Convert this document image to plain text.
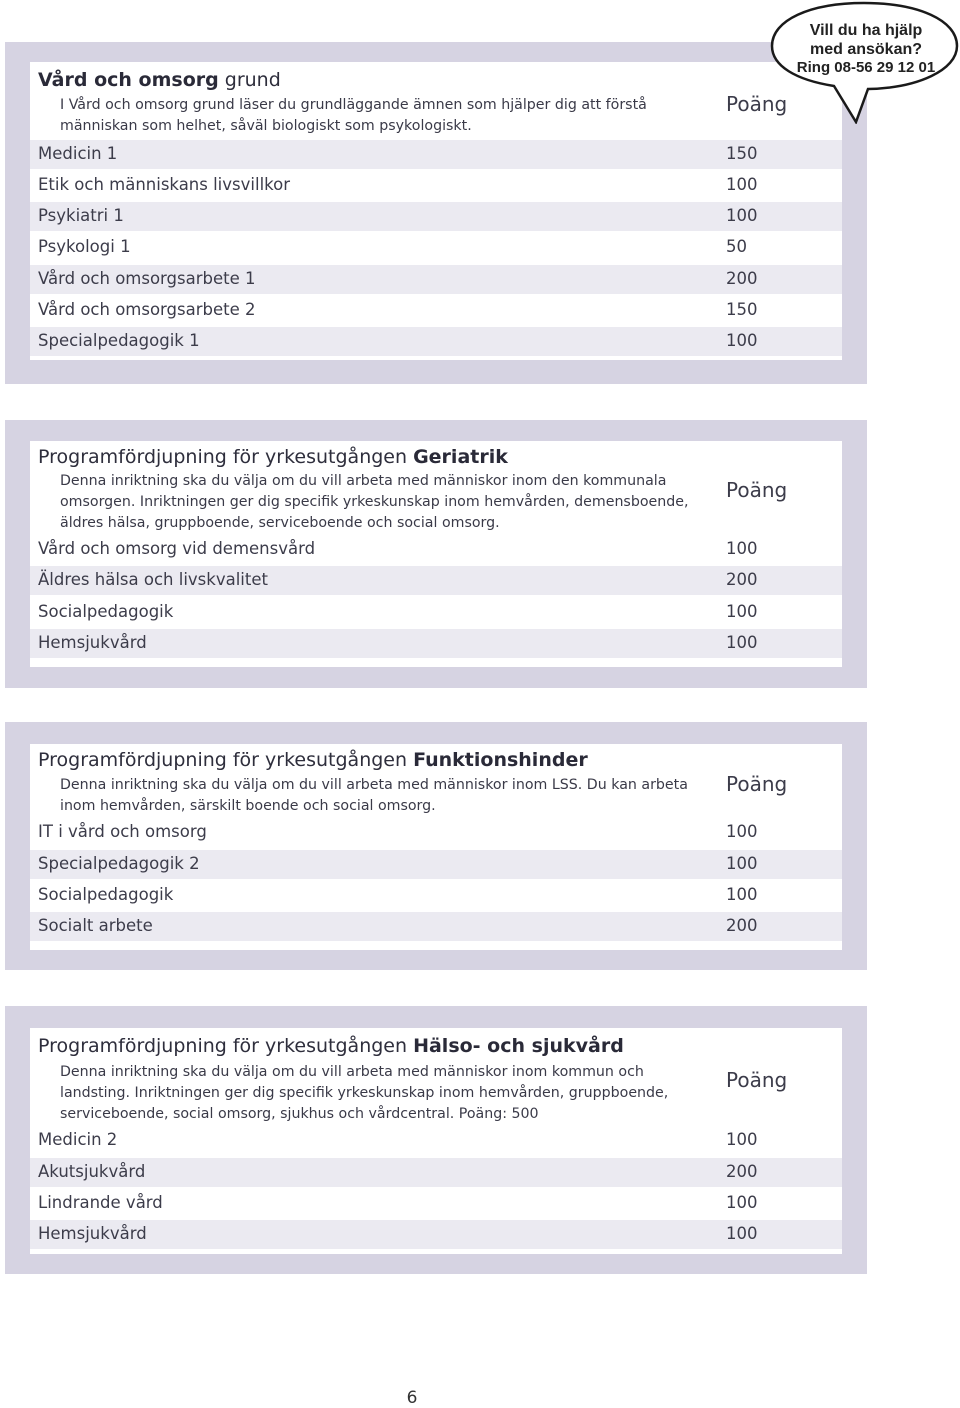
Vård och omsorg grund
I Vård och omsorg grund läser du grundläggande ämnen som hjälper dig att förstå människan som helhet, såväl biologiskt som psykologiskt.
Poäng
Medicin 1	150
Etik och människans livsvillkor	100
Psykiatri 1	100
Psykologi 1	50
Vård och omsorgsarbete 1	200
Vård och omsorgsarbete 2	150
Specialpedagogik 1	100
Vill du ha hjälp
med ansökan?
Ring 08-56 29 12 01
Programfördjupning för yrkesutgången Geriatrik
Denna inriktning ska du välja om du vill arbeta med människor inom den kommunala omsorgen. Inriktningen ger dig specifik yrkeskunskap inom hemvården, demensboende, äldres hälsa, gruppboende, serviceboende och social omsorg.
Poäng
Vård och omsorg vid demensvård	100
Äldres hälsa och livskvalitet	200
Socialpedagogik	100
Hemsjukvård	100
Programfördjupning för yrkesutgången Funktionshinder
Denna inriktning ska du välja om du vill arbeta med människor inom LSS. Du kan arbeta inom hemvården, särskilt boende och social omsorg.
Poäng
IT i vård och omsorg	100
Specialpedagogik 2	100
Socialpedagogik	100
Socialt arbete	200
Programfördjupning för yrkesutgången Hälso- och sjukvård
Denna inriktning ska du välja om du vill arbeta med människor inom kommun och landsting. Inriktningen ger dig specifik yrkeskunskap inom hemvården, gruppboende, serviceboende, social omsorg, sjukhus och vårdcentral. Poäng: 500
Poäng
Medicin 2	100
Akutsjukvård	200
Lindrande vård	100
Hemsjukvård	100
6
